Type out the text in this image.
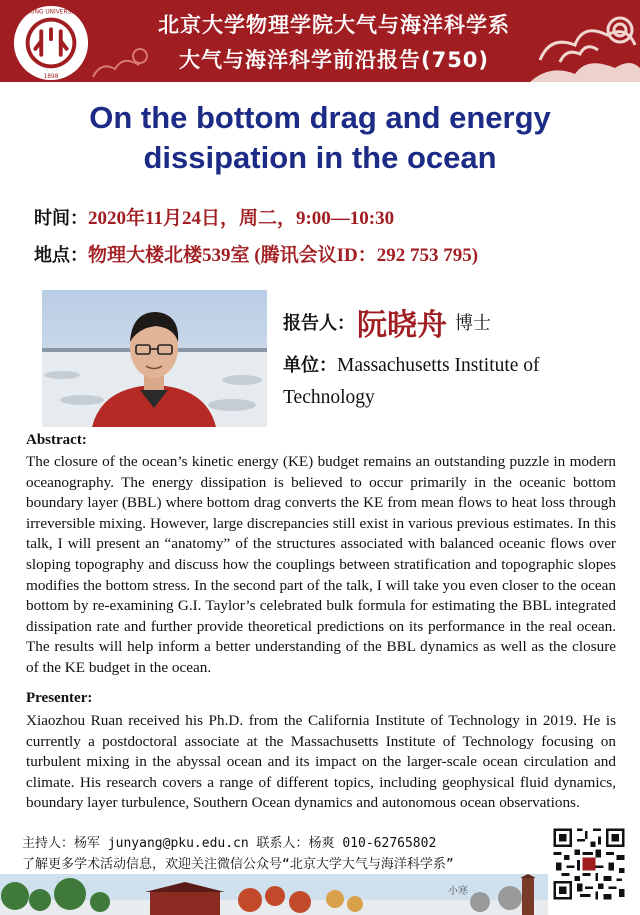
PEKING UNIVERSITY
1898
北京大学物理学院大气与海洋科学系
大气与海洋科学前沿报告(750)
On the bottom drag and energy
dissipation in the ocean
时间：2020年11月24日，周二，9:00—10:30
地点：物理大楼北楼539室 (腾讯会议ID：292 753 795)
报告人：阮晓舟 博士
单位：Massachusetts Institute of Technology
Abstract:
The closure of the ocean’s kinetic energy (KE) budget remains an outstanding puzzle in modern oceanography. The energy dissipation is believed to occur primarily in the oceanic bottom boundary layer (BBL) where bottom drag converts the KE from mean flows to heat loss through irreversible mixing. However, large discrepancies still exist in various previous estimates. In this talk, I will present an “anatomy” of the structures associated with balanced oceanic flows over sloping topography and discuss how the couplings between stratification and topographic slopes modifies the bottom stress. In the second part of the talk, I will take you even closer to the ocean bottom by re-examining G.I. Taylor’s celebrated bulk formula for estimating the BBL integrated dissipation rate and further provide theoretical predictions on its performance in the real ocean. The results will help inform a better understanding of the BBL dynamics as well as the closure of the KE budget in the ocean.
Presenter:
Xiaozhou Ruan received his Ph.D. from the California Institute of Technology in 2019. He is currently a postdoctoral associate at the Massachusetts Institute of Technology focusing on turbulent mixing in the abyssal ocean and its impact on the larger-scale ocean circulation and climate. His research covers a range of different topics, including geophysical fluid dynamics, boundary layer turbulence, Southern Ocean dynamics and autonomous ocean observations.
主持人：杨军 junyang@pku.edu.cn 联系人：杨爽 010-62765802
了解更多学术活动信息，欢迎关注微信公众号“北京大学大气与海洋科学系”
小寒
